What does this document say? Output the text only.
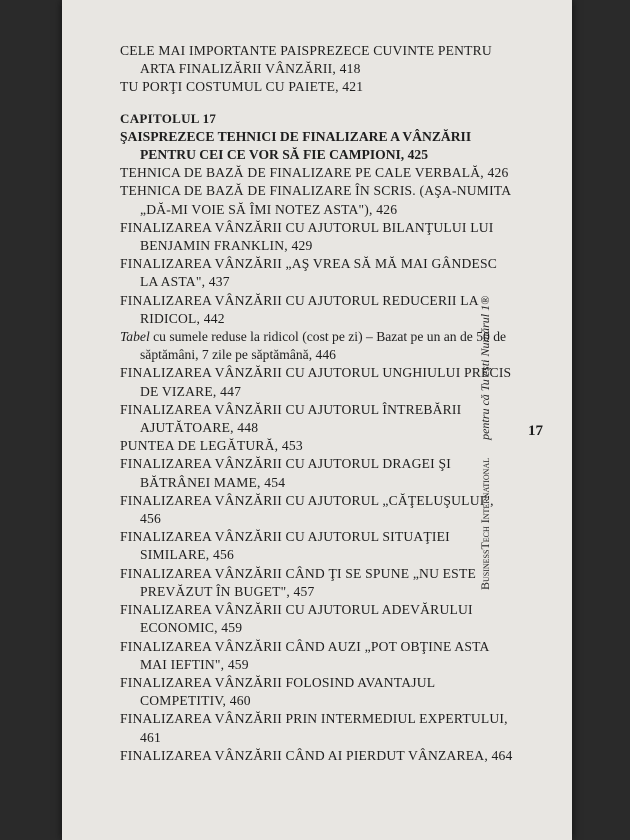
CELE MAI IMPORTANTE PAISPREZECE CUVINTE PENTRU ARTA FINALIZĂRII VÂNZĂRII, 418
TU PORŢI COSTUMUL CU PAIETE, 421
CAPITOLUL 17
ŞAISPREZECE TEHNICI DE FINALIZARE A VÂNZĂRII PENTRU CEI CE VOR SĂ FIE CAMPIONI, 425
TEHNICA DE BAZĂ DE FINALIZARE PE CALE VERBALĂ, 426
TEHNICA DE BAZĂ DE FINALIZARE ÎN SCRIS. (AŞA-NUMITA „DĂ-MI VOIE SĂ ÎMI NOTEZ ASTA"), 426
FINALIZAREA VÂNZĂRII CU AJUTORUL BILANŢULUI LUI BENJAMIN FRANKLIN, 429
FINALIZAREA VÂNZĂRII „AŞ VREA SĂ MĂ MAI GÂNDESC LA ASTA", 437
FINALIZAREA VÂNZĂRII CU AJUTORUL REDUCERII LA RIDICOL, 442
Tabel cu sumele reduse la ridicol (cost pe zi) – Bazat pe un an de 50 de săptămâni, 7 zile pe săptămână, 446
FINALIZAREA VÂNZĂRII CU AJUTORUL UNGHIULUI PRECIS DE VIZARE, 447
FINALIZAREA VÂNZĂRII CU AJUTORUL ÎNTREBĂRII AJUTĂTOARE, 448
PUNTEA DE LEGĂTURĂ, 453
FINALIZAREA VÂNZĂRII CU AJUTORUL DRAGEI ŞI BĂTRÂNEI MAME, 454
FINALIZAREA VÂNZĂRII CU AJUTORUL „CĂŢELUŞULUI", 456
FINALIZAREA VÂNZĂRII CU AJUTORUL SITUAŢIEI SIMILARE, 456
FINALIZAREA VÂNZĂRII CÂND ŢI SE SPUNE „NU ESTE PREVĂZUT ÎN BUGET", 457
FINALIZAREA VÂNZĂRII CU AJUTORUL ADEVĂRULUI ECONOMIC, 459
FINALIZAREA VÂNZĂRII CÂND AUZI „POT OBŢINE ASTA MAI IEFTIN", 459
FINALIZAREA VÂNZĂRII FOLOSIND AVANTAJUL COMPETITIV, 460
FINALIZAREA VÂNZĂRII PRIN INTERMEDIUL EXPERTULUI, 461
FINALIZAREA VÂNZĂRII CÂND AI PIERDUT VÂNZAREA, 464
17
BusinessTech International      pentru că Tu eşti Numărul 1®
